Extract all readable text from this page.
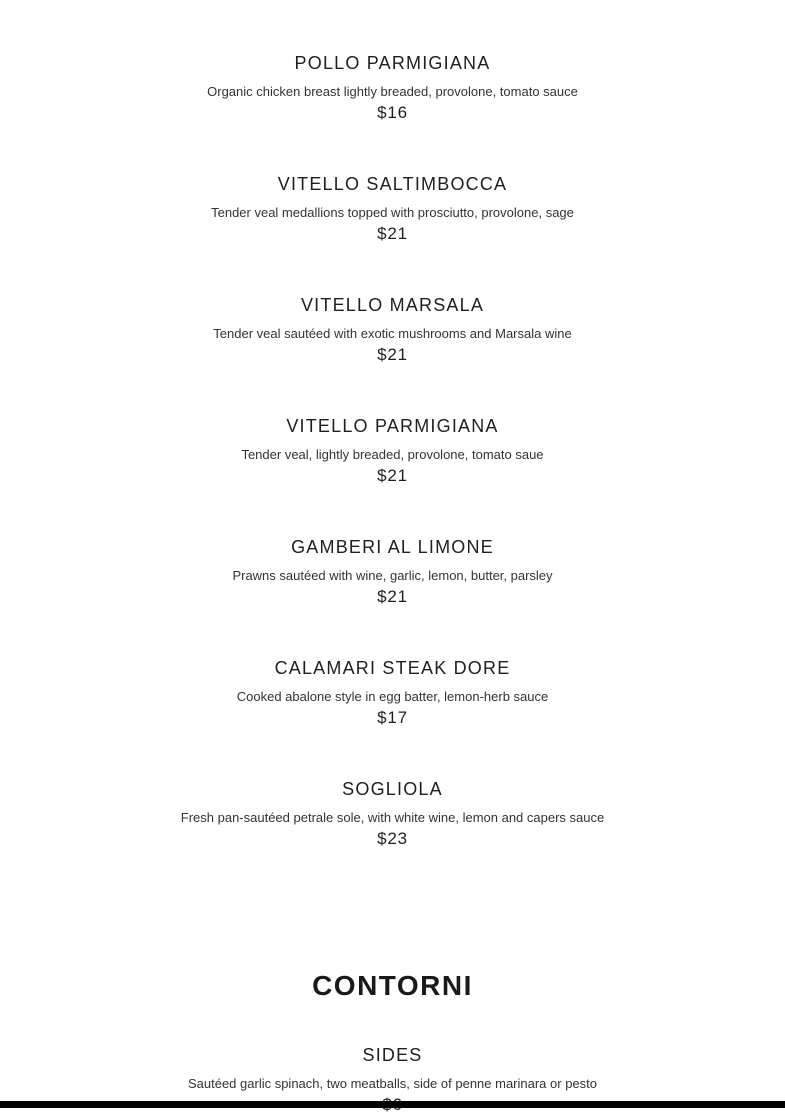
POLLO PARMIGIANA
Organic chicken breast lightly breaded, provolone, tomato sauce
$16
VITELLO SALTIMBOCCA
Tender veal medallions topped with prosciutto, provolone, sage
$21
VITELLO MARSALA
Tender veal sautéed with exotic mushrooms and Marsala wine
$21
VITELLO PARMIGIANA
Tender veal, lightly breaded, provolone, tomato saue
$21
GAMBERI AL LIMONE
Prawns sautéed with wine, garlic, lemon, butter, parsley
$21
CALAMARI STEAK DORE
Cooked abalone style in egg batter, lemon-herb sauce
$17
SOGLIOLA
Fresh pan-sautéed petrale sole, with white wine, lemon and capers sauce
$23
CONTORNI
SIDES
Sautéed garlic spinach, two meatballs, side of penne marinara or pesto
